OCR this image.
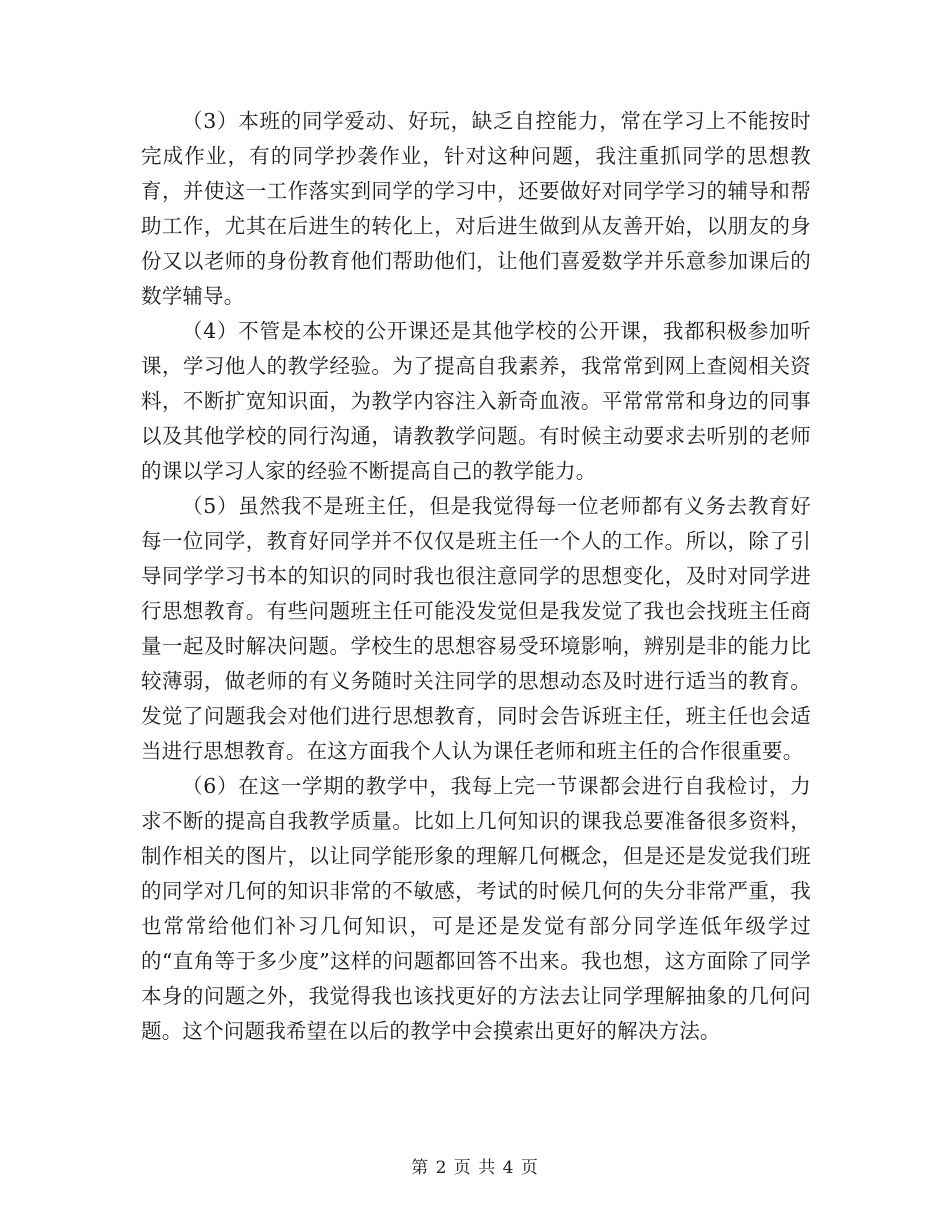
（3）本班的同学爱动、好玩，缺乏自控能力，常在学习上不能按时完成作业，有的同学抄袭作业，针对这种问题，我注重抓同学的思想教育，并使这一工作落实到同学的学习中，还要做好对同学学习的辅导和帮助工作，尤其在后进生的转化上，对后进生做到从友善开始，以朋友的身份又以老师的身份教育他们帮助他们，让他们喜爱数学并乐意参加课后的数学辅导。

（4）不管是本校的公开课还是其他学校的公开课，我都积极参加听课，学习他人的教学经验。为了提高自我素养，我常常到网上查阅相关资料，不断扩宽知识面，为教学内容注入新奇血液。平常常常和身边的同事以及其他学校的同行沟通，请教教学问题。有时候主动要求去听别的老师的课以学习人家的经验不断提高自己的教学能力。

（5）虽然我不是班主任，但是我觉得每一位老师都有义务去教育好每一位同学，教育好同学并不仅仅是班主任一个人的工作。所以，除了引导同学学习书本的知识的同时我也很注意同学的思想变化，及时对同学进行思想教育。有些问题班主任可能没发觉但是我发觉了我也会找班主任商量一起及时解决问题。学校生的思想容易受环境影响，辨别是非的能力比较薄弱，做老师的有义务随时关注同学的思想动态及时进行适当的教育。发觉了问题我会对他们进行思想教育，同时会告诉班主任，班主任也会适当进行思想教育。在这方面我个人认为课任老师和班主任的合作很重要。

（6）在这一学期的教学中，我每上完一节课都会进行自我检讨，力求不断的提高自我教学质量。比如上几何知识的课我总要准备很多资料，制作相关的图片，以让同学能形象的理解几何概念，但是还是发觉我们班的同学对几何的知识非常的不敏感，考试的时候几何的失分非常严重，我也常常给他们补习几何知识，可是还是发觉有部分同学连低年级学过的“直角等于多少度”这样的问题都回答不出来。我也想，这方面除了同学本身的问题之外，我觉得我也该找更好的方法去让同学理解抽象的几何问题。这个问题我希望在以后的教学中会摸索出更好的解决方法。

第 2 页 共 4 页
